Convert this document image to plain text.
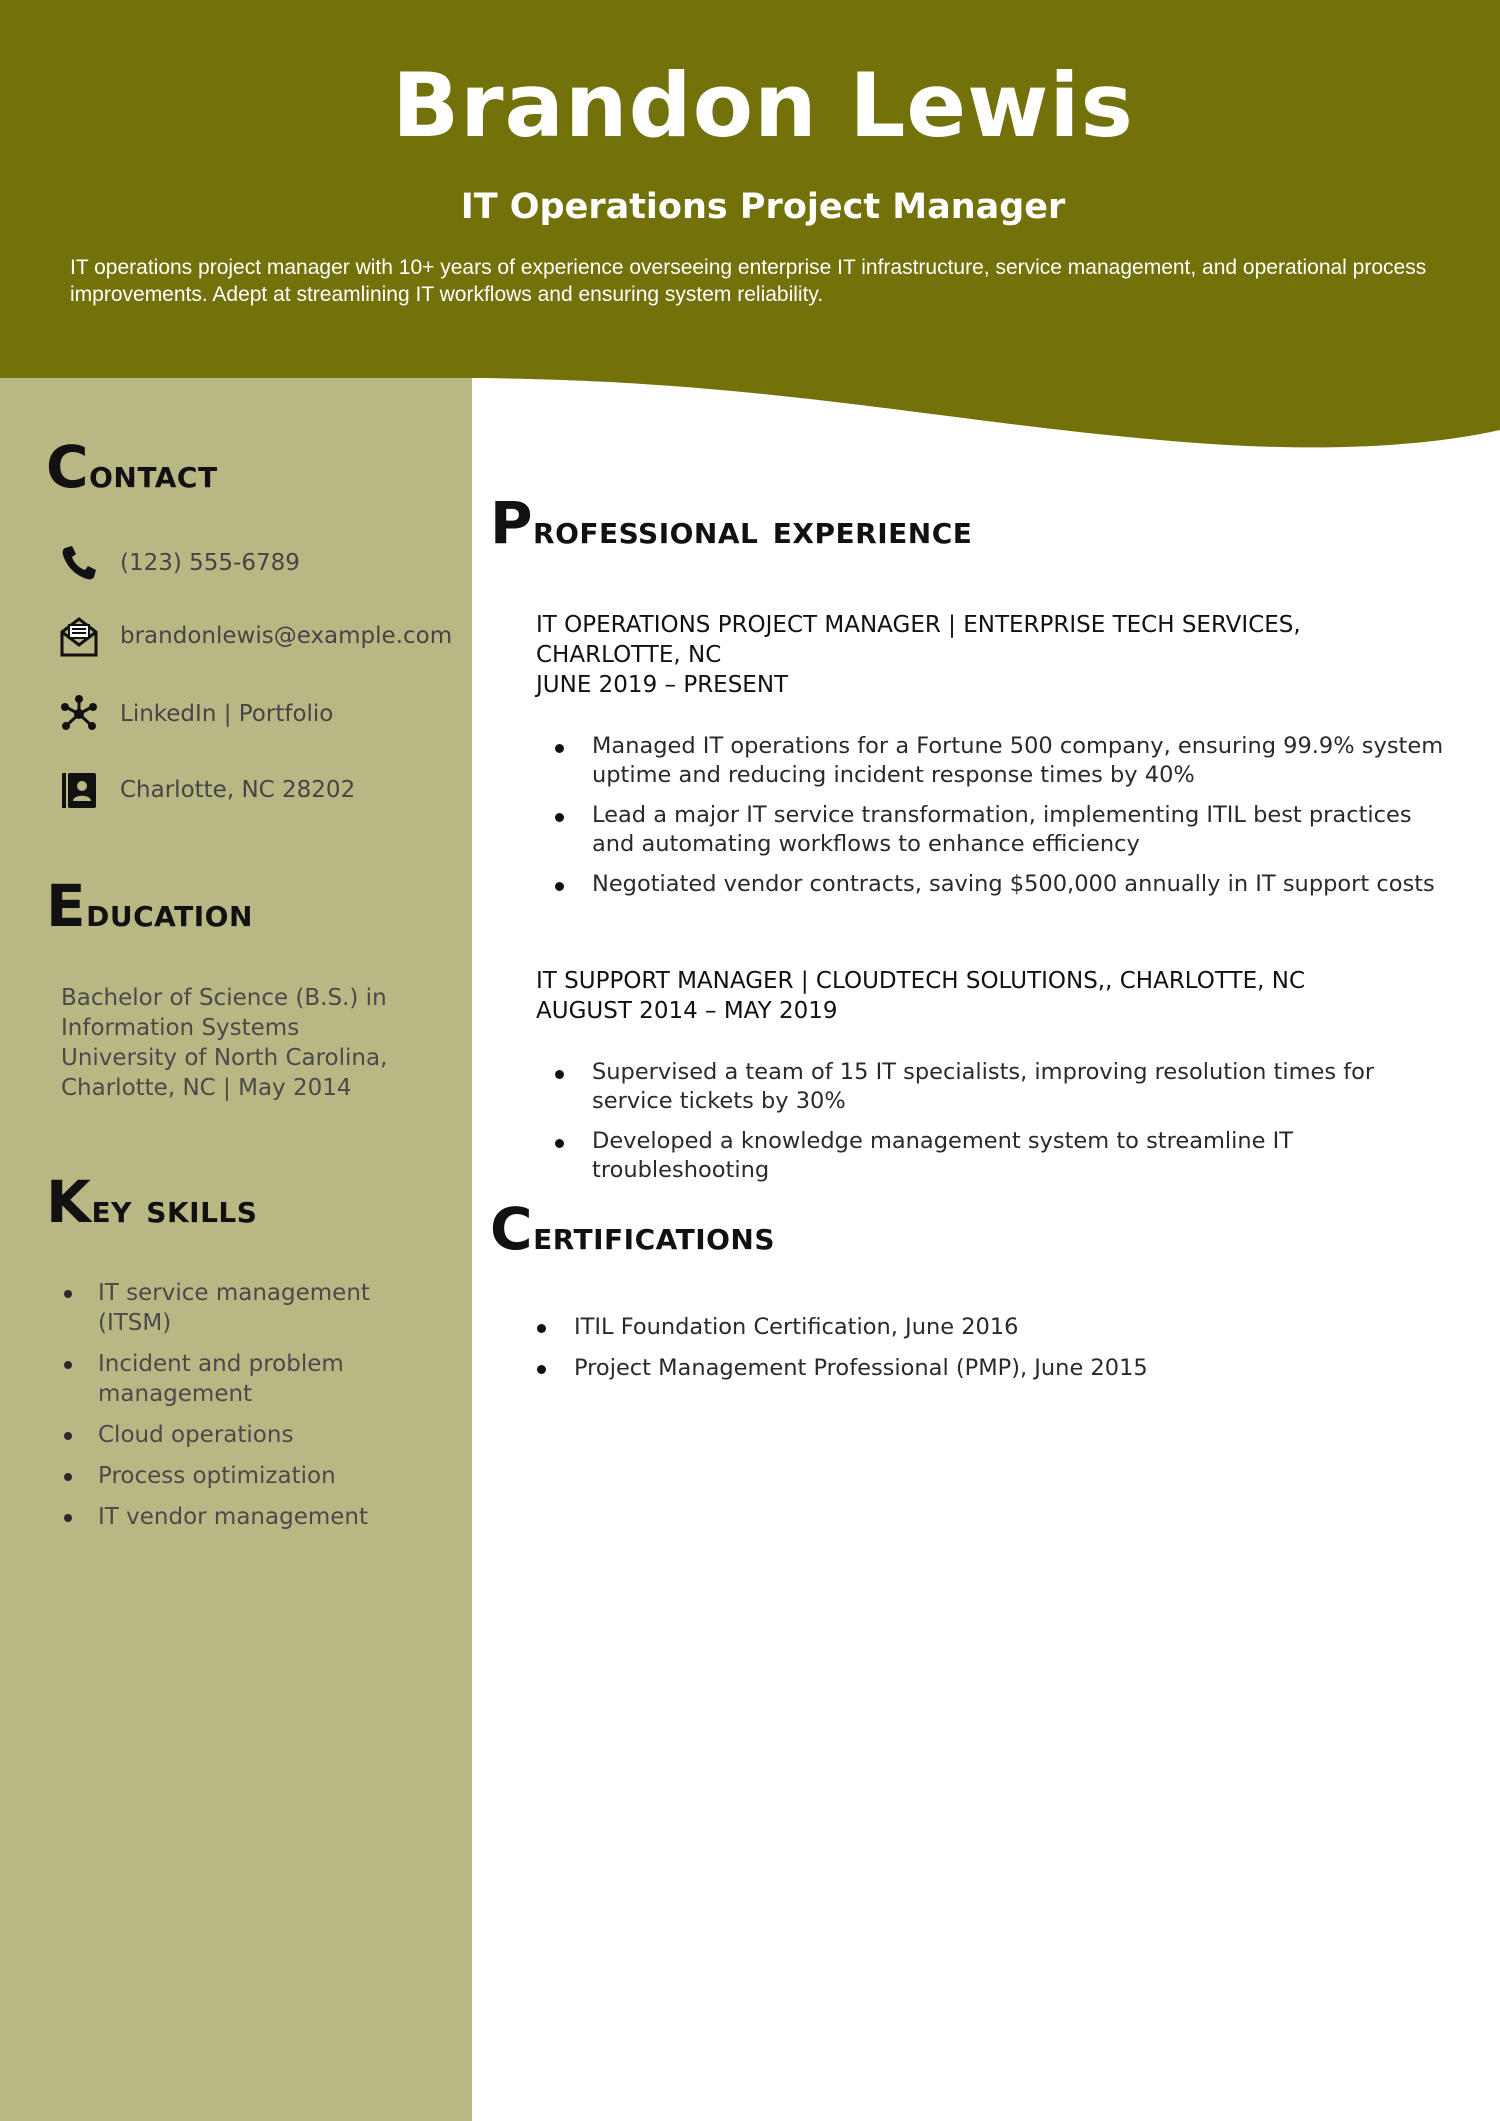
Brandon Lewis
IT Operations Project Manager
IT operations project manager with 10+ years of experience overseeing enterprise IT infrastructure, service management, and operational process improvements. Adept at streamlining IT workflows and ensuring system reliability.
Contact
(123) 555-6789
brandonlewis@example.com
LinkedIn | Portfolio
Charlotte, NC 28202
Education
Bachelor of Science (B.S.) in
Information Systems
University of North Carolina,
Charlotte, NC | May 2014
Key skills
IT service management (ITSM)
Incident and problem management
Cloud operations
Process optimization
IT vendor management
Professional experience
IT OPERATIONS PROJECT MANAGER | ENTERPRISE TECH SERVICES, CHARLOTTE, NC
JUNE 2019 – PRESENT
Managed IT operations for a Fortune 500 company, ensuring 99.9% system uptime and reducing incident response times by 40%
Lead a major IT service transformation, implementing ITIL best practices and automating workflows to enhance efficiency
Negotiated vendor contracts, saving $500,000 annually in IT support costs
IT SUPPORT MANAGER | CLOUDTECH SOLUTIONS,, CHARLOTTE, NC
AUGUST 2014 – MAY 2019
Supervised a team of 15 IT specialists, improving resolution times for service tickets by 30%
Developed a knowledge management system to streamline IT troubleshooting
Certifications
ITIL Foundation Certification, June 2016
Project Management Professional (PMP), June 2015
